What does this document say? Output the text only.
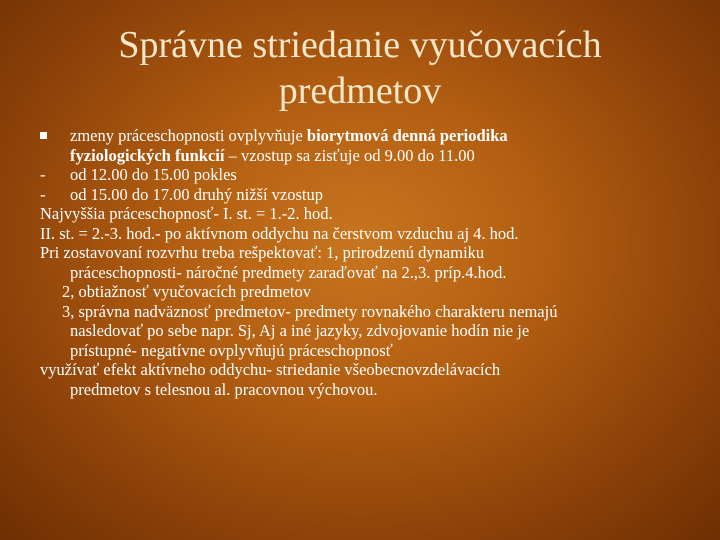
Správne striedanie vyučovacích
predmetov
zmeny práceschopnosti ovplyvňuje biorytmová denná periodika
fyziologických funkcií – vzostup sa zisťuje od 9.00 do 11.00
- od 12.00 do 15.00 pokles
- od 15.00 do 17.00 druhý nižší vzostup
Najvyššia práceschopnosť- I. st. = 1.-2. hod.
II. st. = 2.-3. hod.- po aktívnom oddychu na čerstvom vzduchu aj 4. hod.
Pri zostavovaní rozvrhu treba rešpektovať: 1, prirodzenú dynamiku
práceschopnosti- náročné predmety zaraďovať na 2.,3. príp.4.hod.
2, obtiažnosť vyučovacích predmetov
3, správna nadväznosť predmetov- predmety rovnakého charakteru nemajú
nasledovať po sebe napr. Sj, Aj a iné jazyky, zdvojovanie hodín nie je
prístupné- negatívne ovplyvňujú práceschopnosť
využívať efekt aktívneho oddychu- striedanie všeobecnovzdelávacích
predmetov s telesnou al. pracovnou výchovou.
